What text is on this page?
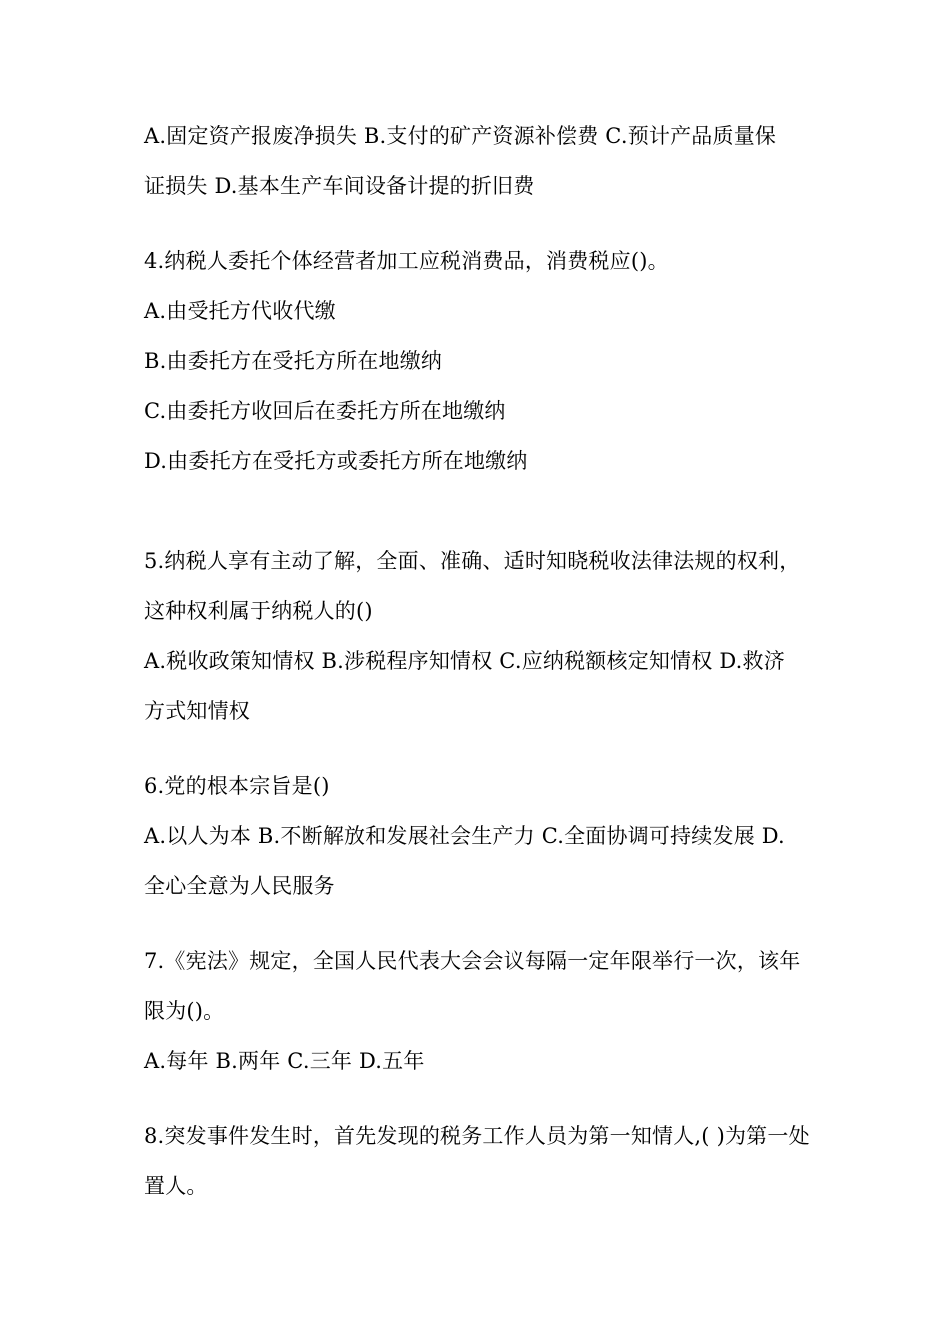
A.固定资产报废净损失 B.支付的矿产资源补偿费 C.预计产品质量保
证损失 D.基本生产车间设备计提的折旧费
4.纳税人委托个体经营者加工应税消费品，消费税应()。
A.由受托方代收代缴
B.由委托方在受托方所在地缴纳
C.由委托方收回后在委托方所在地缴纳
D.由委托方在受托方或委托方所在地缴纳
5.纳税人享有主动了解，全面、准确、适时知晓税收法律法规的权利，
这种权利属于纳税人的()
A.税收政策知情权 B.涉税程序知情权 C.应纳税额核定知情权 D.救济
方式知情权
6.党的根本宗旨是()
A.以人为本 B.不断解放和发展社会生产力 C.全面协调可持续发展 D.
全心全意为人民服务
7.《宪法》规定，全国人民代表大会会议每隔一定年限举行一次，该年
限为()。
A.每年 B.两年 C.三年 D.五年
8.突发事件发生时，首先发现的税务工作人员为第一知情人,( )为第一处
置人。
